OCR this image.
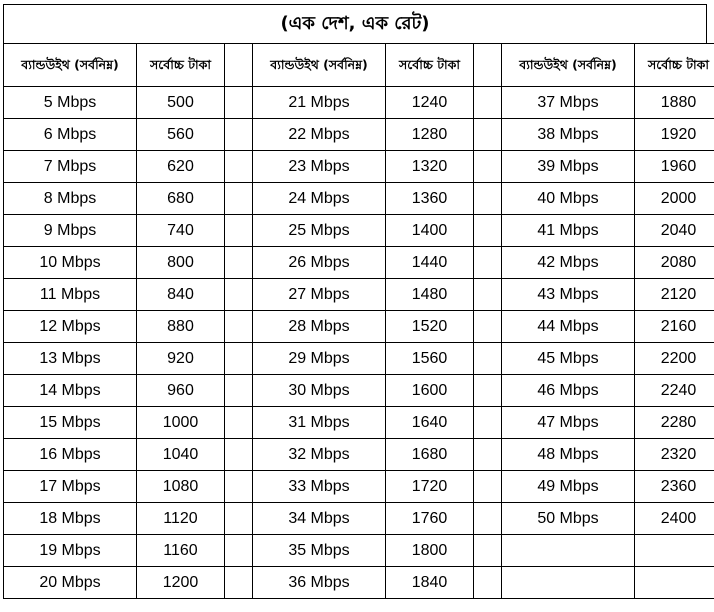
(এক দেশ, এক রেট)
ব্যান্ডউইথ (সর্বনিম্ন)	সর্বোচ্চ টাকা		ব্যান্ডউইথ (সর্বনিম্ন)	সর্বোচ্চ টাকা		ব্যান্ডউইথ (সর্বনিম্ন)	সর্বোচ্চ টাকা
5 Mbps	500		21 Mbps	1240		37 Mbps	1880
6 Mbps	560		22 Mbps	1280		38 Mbps	1920
7 Mbps	620		23 Mbps	1320		39 Mbps	1960
8 Mbps	680		24 Mbps	1360		40 Mbps	2000
9 Mbps	740		25 Mbps	1400		41 Mbps	2040
10 Mbps	800		26 Mbps	1440		42 Mbps	2080
11 Mbps	840		27 Mbps	1480		43 Mbps	2120
12 Mbps	880		28 Mbps	1520		44 Mbps	2160
13 Mbps	920		29 Mbps	1560		45 Mbps	2200
14 Mbps	960		30 Mbps	1600		46 Mbps	2240
15 Mbps	1000		31 Mbps	1640		47 Mbps	2280
16 Mbps	1040		32 Mbps	1680		48 Mbps	2320
17 Mbps	1080		33 Mbps	1720		49 Mbps	2360
18 Mbps	1120		34 Mbps	1760		50 Mbps	2400
19 Mbps	1160		35 Mbps	1800			
20 Mbps	1200		36 Mbps	1840			
